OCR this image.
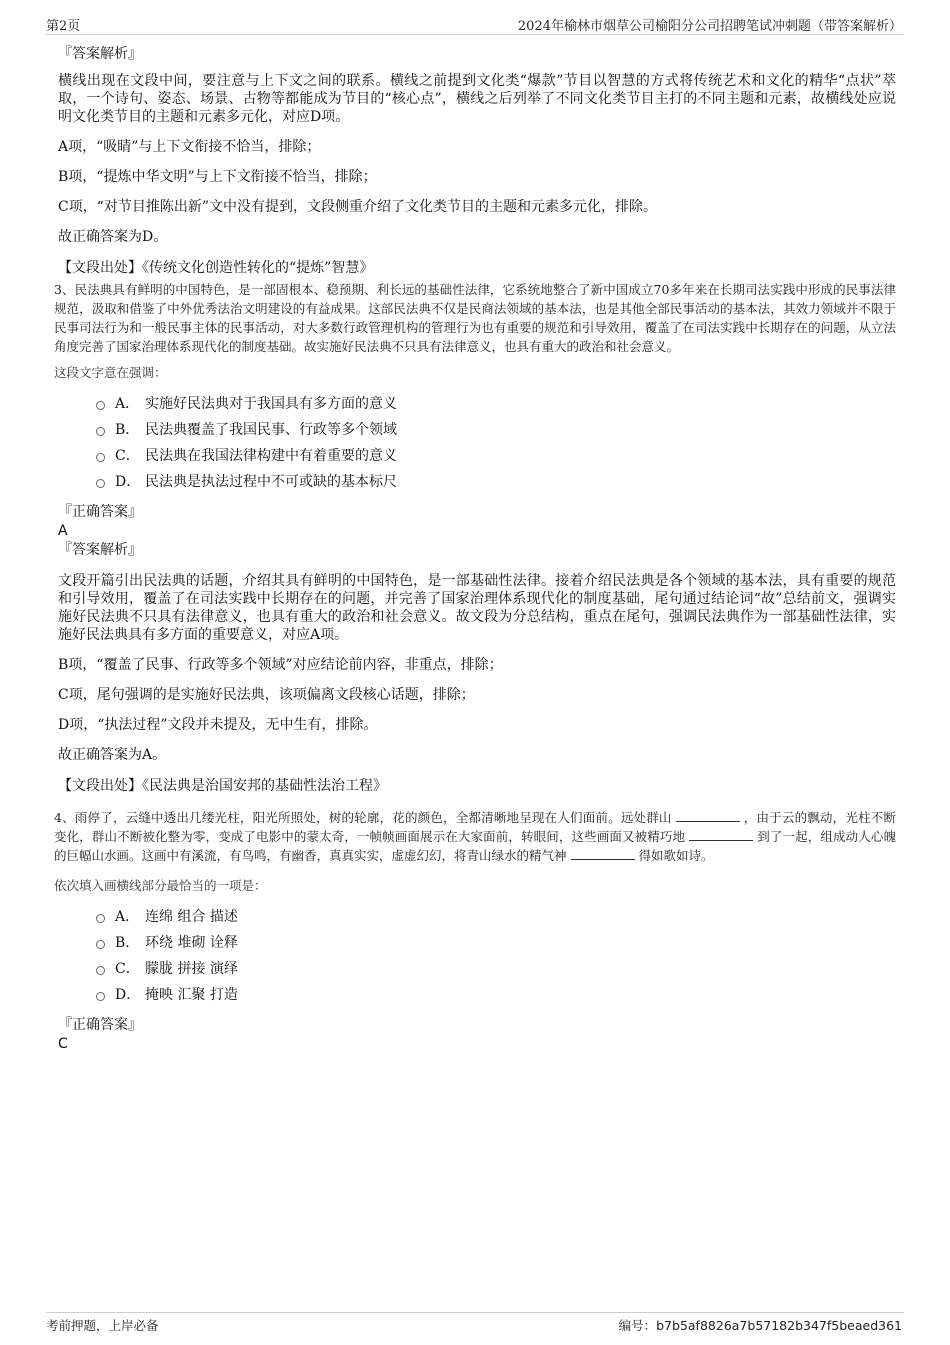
第2页	2024年榆林市烟草公司榆阳分公司招聘笔试冲刺题（带答案解析）
『答案解析』
横线出现在文段中间，要注意与上下文之间的联系。横线之前提到文化类“爆款”节目以智慧的方式将传统艺术和文化的精华“点状”萃取，一个诗句、姿态、场景、古物等都能成为节目的“核心点”，横线之后列举了不同文化类节目主打的不同主题和元素，故横线处应说明文化类节目的主题和元素多元化，对应D项。
A项，“吸睛”与上下文衔接不恰当，排除；
B项，“提炼中华文明”与上下文衔接不恰当，排除；
C项，“对节目推陈出新”文中没有提到，文段侧重介绍了文化类节目的主题和元素多元化，排除。
故正确答案为D。
【文段出处】《传统文化创造性转化的“提炼”智慧》
3、民法典具有鲜明的中国特色，是一部固根本、稳预期、利长远的基础性法律，它系统地整合了新中国成立70多年来在长期司法实践中形成的民事法律规范，汲取和借鉴了中外优秀法治文明建设的有益成果。这部民法典不仅是民商法领域的基本法，也是其他全部民事活动的基本法，其效力领域并不限于民事司法行为和一般民事主体的民事活动，对大多数行政管理机构的管理行为也有重要的规范和引导效用，覆盖了在司法实践中长期存在的问题，从立法角度完善了国家治理体系现代化的制度基础。故实施好民法典不只具有法律意义，也具有重大的政治和社会意义。
这段文字意在强调：
A． 实施好民法典对于我国具有多方面的意义
B． 民法典覆盖了我国民事、行政等多个领域
C． 民法典在我国法律构建中有着重要的意义
D． 民法典是执法过程中不可或缺的基本标尺
『正确答案』
A
『答案解析』
文段开篇引出民法典的话题，介绍其具有鲜明的中国特色，是一部基础性法律。接着介绍民法典是各个领域的基本法，具有重要的规范和引导效用，覆盖了在司法实践中长期存在的问题，并完善了国家治理体系现代化的制度基础，尾句通过结论词“故”总结前文，强调实施好民法典不只具有法律意义，也具有重大的政治和社会意义。故文段为分总结构，重点在尾句，强调民法典作为一部基础性法律，实施好民法典具有多方面的重要意义，对应A项。
B项，“覆盖了民事、行政等多个领域”对应结论前内容，非重点，排除；
C项，尾句强调的是实施好民法典，该项偏离文段核心话题，排除；
D项，“执法过程”文段并未提及，无中生有，排除。
故正确答案为A。
【文段出处】《民法典是治国安邦的基础性法治工程》
4、雨停了，云缝中透出几缕光柱，阳光所照处，树的轮廓，花的颜色，全都清晰地呈现在人们面前。远处群山	，由于云的飘动，光柱不断变化，群山不断被化整为零，变成了电影中的蒙太奇，一帧帧画面展示在大家面前，转眼间，这些画面又被精巧地	到了一起，组成动人心魄的巨幅山水画。这画中有溪流，有鸟鸣，有幽香，真真实实，虚虚幻幻，将青山绿水的精气神	得如歌如诗。
依次填入画横线部分最恰当的一项是：
A． 连绵 组合 描述
B． 环绕 堆砌 诠释
C． 朦胧 拼接 演绎
D． 掩映 汇聚 打造
『正确答案』
C
考前押题，上岸必备	编号：b7b5af8826a7b57182b347f5beaed361
